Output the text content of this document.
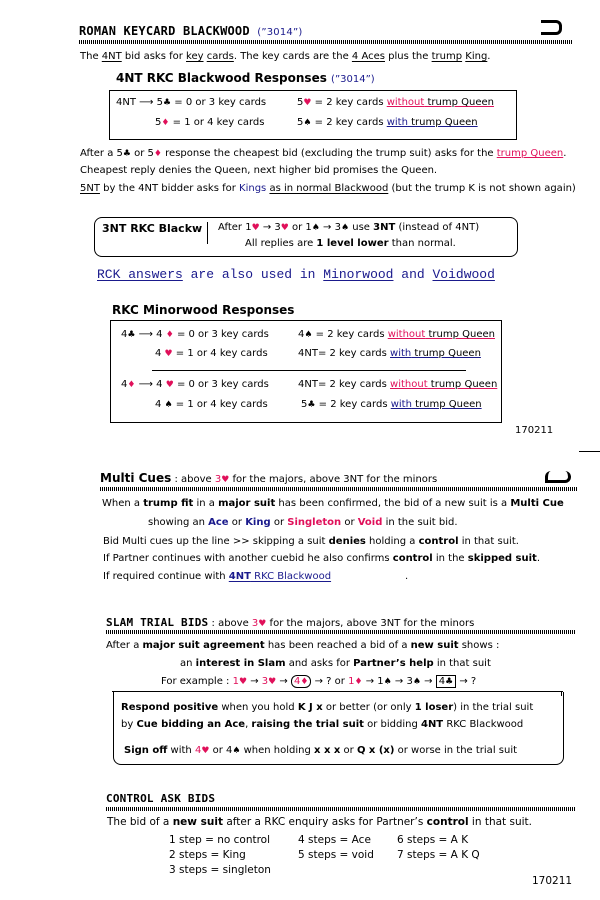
ROMAN KEYCARD BLACKWOOD (”3014”)
The 4NT bid asks for key cards. The key cards are the 4 Aces plus the trump King.
4NT RKC Blackwood Responses (”3014”)
4NT ⟶ 5♣ = 0 or 3 key cards	5♥ = 2 key cards without trump Queen
5♦ = 1 or 4 key cards	5♠ = 2 key cards with trump Queen
After a 5♣ or 5♦ response the cheapest bid (excluding the trump suit) asks for the trump Queen.
Cheapest reply denies the Queen, next higher bid promises the Queen.
5NT by the 4NT bidder asks for Kings as in normal Blackwood (but the trump K is not shown again)
3NT RKC Blackw After 1♥ → 3♥ or 1♠ → 3♠ use 3NT (instead of 4NT)
All replies are 1 level lower than normal.
RCK answers are also used in Minorwood and Voidwood
RKC Minorwood Responses
4♣ ⟶ 4 ♦ = 0 or 3 key cards	4♠ = 2 key cards without trump Queen
4 ♥ = 1 or 4 key cards	4NT= 2 key cards with trump Queen
4♦ ⟶ 4 ♥ = 0 or 3 key cards	4NT= 2 key cards without trump Queen
4 ♠ = 1 or 4 key cards	5♣ = 2 key cards with trump Queen
170211
Multi Cues : above 3♥ for the majors, above 3NT for the minors
When a trump fit in a major suit has been confirmed, the bid of a new suit is a Multi Cue
showing an Ace or King or Singleton or Void in the suit bid.
Bid Multi cues up the line >> skipping a suit denies holding a control in that suit.
If Partner continues with another cuebid he also confirms control in the skipped suit.
If required continue with 4NT RKC Blackwood	.
SLAM TRIAL BIDS : above 3♥ for the majors, above 3NT for the minors
After a major suit agreement has been reached a bid of a new suit shows :
an interest in Slam and asks for Partner’s help in that suit
For example : 1♥ → 3♥ → 4♦ → ? or 1♦ → 1♠ → 3♠ → 4♣ → ?
Respond positive when you hold K J x or better (or only 1 loser) in the trial suit
by Cue bidding an Ace, raising the trial suit or bidding 4NT RKC Blackwood
Sign off with 4♥ or 4♠ when holding x x x or Q x (x) or worse in the trial suit
CONTROL ASK BIDS
The bid of a new suit after a RKC enquiry asks for Partner’s control in that suit.
1 step = no control
2 steps = King
3 steps = singleton
4 steps = Ace
5 steps = void
6 steps = A K
7 steps = A K Q
170211
